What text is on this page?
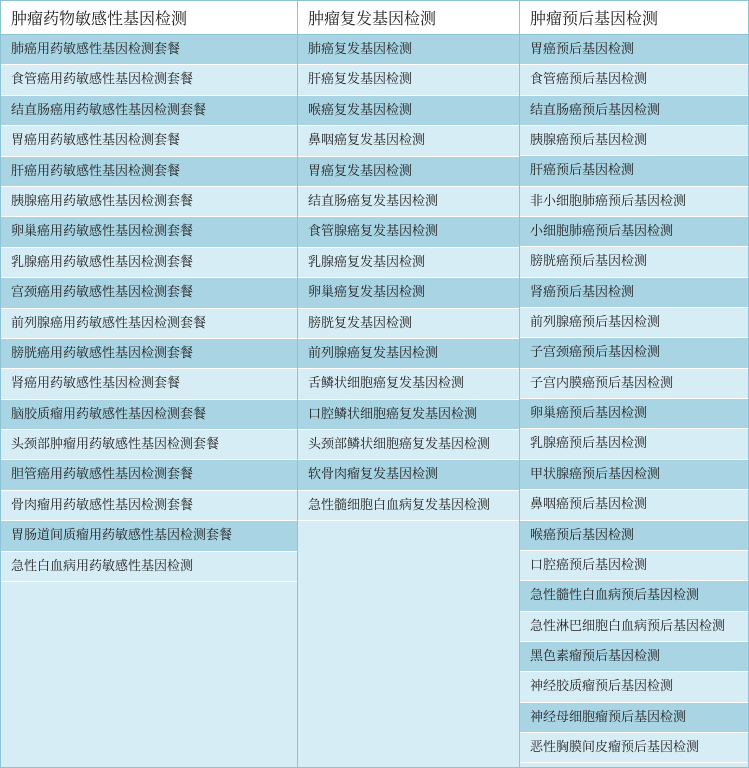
肿瘤药物敏感性基因检测
肺癌用药敏感性基因检测套餐
食管癌用药敏感性基因检测套餐
结直肠癌用药敏感性基因检测套餐
胃癌用药敏感性基因检测套餐
肝癌用药敏感性基因检测套餐
胰腺癌用药敏感性基因检测套餐
卵巢癌用药敏感性基因检测套餐
乳腺癌用药敏感性基因检测套餐
宫颈癌用药敏感性基因检测套餐
前列腺癌用药敏感性基因检测套餐
膀胱癌用药敏感性基因检测套餐
肾癌用药敏感性基因检测套餐
脑胶质瘤用药敏感性基因检测套餐
头颈部肿瘤用药敏感性基因检测套餐
胆管癌用药敏感性基因检测套餐
骨肉瘤用药敏感性基因检测套餐
胃肠道间质瘤用药敏感性基因检测套餐
急性白血病用药敏感性基因检测
肿瘤复发基因检测
肺癌复发基因检测
肝癌复发基因检测
喉癌复发基因检测
鼻咽癌复发基因检测
胃癌复发基因检测
结直肠癌复发基因检测
食管腺癌复发基因检测
乳腺癌复发基因检测
卵巢癌复发基因检测
膀胱复发基因检测
前列腺癌复发基因检测
舌鳞状细胞癌复发基因检测
口腔鳞状细胞癌复发基因检测
头颈部鳞状细胞癌复发基因检测
软骨肉瘤复发基因检测
急性髓细胞白血病复发基因检测
肿瘤预后基因检测
胃癌预后基因检测
食管癌预后基因检测
结直肠癌预后基因检测
胰腺癌预后基因检测
肝癌预后基因检测
非小细胞肺癌预后基因检测
小细胞肺癌预后基因检测
膀胱癌预后基因检测
肾癌预后基因检测
前列腺癌预后基因检测
子宫颈癌预后基因检测
子宫内膜癌预后基因检测
卵巢癌预后基因检测
乳腺癌预后基因检测
甲状腺癌预后基因检测
鼻咽癌预后基因检测
喉癌预后基因检测
口腔癌预后基因检测
急性髓性白血病预后基因检测
急性淋巴细胞白血病预后基因检测
黑色素瘤预后基因检测
神经胶质瘤预后基因检测
神经母细胞瘤预后基因检测
恶性胸膜间皮瘤预后基因检测
